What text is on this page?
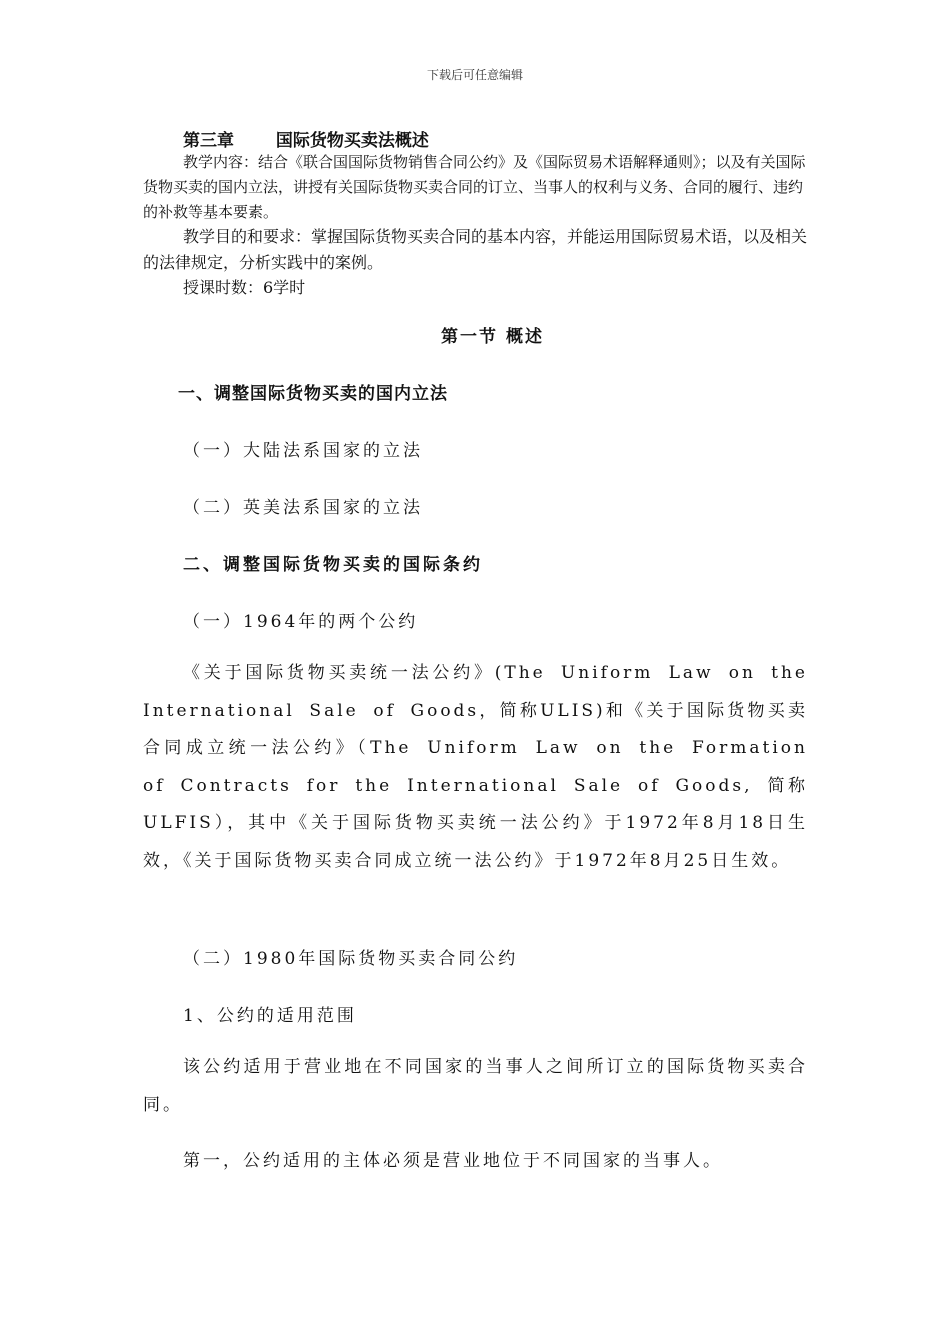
下载后可任意编辑
第三章 国际货物买卖法概述

教学内容：结合《联合国国际货物销售合同公约》及《国际贸易术语解释通则》；以及有关国际货物买卖的国内立法，讲授有关国际货物买卖合同的订立、当事人的权利与义务、合同的履行、违约的补救等基本要素。

教学目的和要求：掌握国际货物买卖合同的基本内容，并能运用国际贸易术语，以及相关的法律规定，分析实践中的案例。

授课时数：6学时

第一节 概述
一、调整国际货物买卖的国内立法
（一）大陆法系国家的立法
（二）英美法系国家的立法
二、调整国际货物买卖的国际条约
（一）1964年的两个公约

《关于国际货物买卖统一法公约》(The Uniform Law on the International Sale of Goods，简称ULIS)和《关于国际货物买卖合同成立统一法公约》（The Uniform Law on the Formation of Contracts for the International Sale of Goods, 简称ULFIS），其中《关于国际货物买卖统一法公约》于1972年8月18日生效，《关于国际货物买卖合同成立统一法公约》于1972年8月25日生效。

（二）1980年国际货物买卖合同公约
1、公约的适用范围

该公约适用于营业地在不同国家的当事人之间所订立的国际货物买卖合同。

第一，公约适用的主体必须是营业地位于不同国家的当事人。
